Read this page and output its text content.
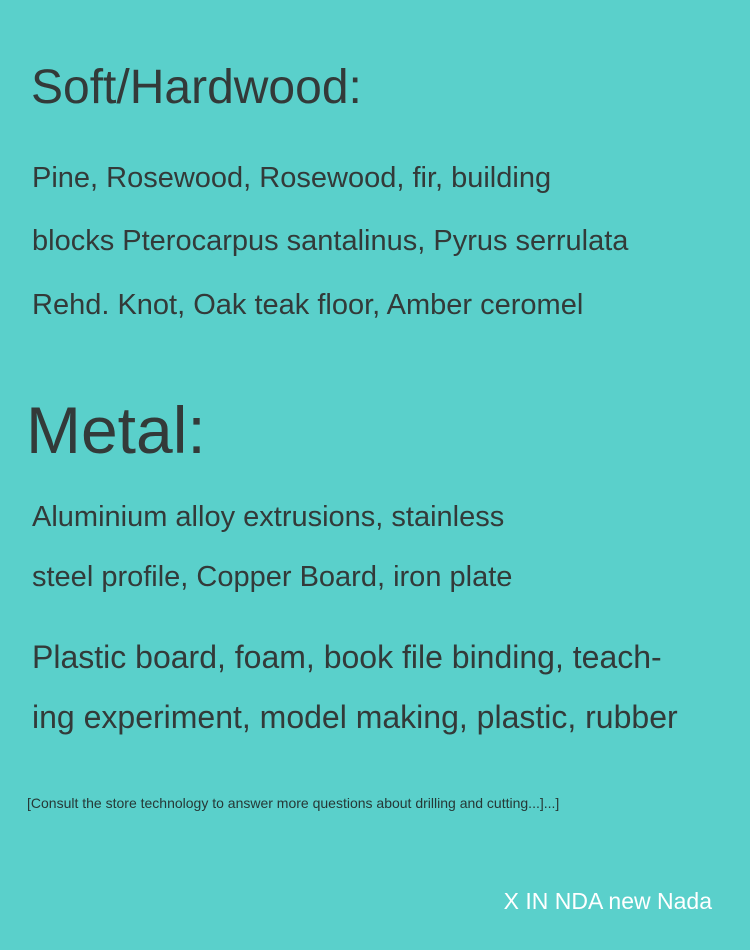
Soft/Hardwood:
Pine, Rosewood, Rosewood, fir, building
blocks Pterocarpus santalinus, Pyrus serrulata
Rehd. Knot, Oak teak floor, Amber ceromel
Metal:
Aluminium alloy extrusions, stainless
steel profile, Copper Board, iron plate
Plastic board, foam, book file binding, teach-
ing experiment, model making, plastic, rubber
[Consult the store technology to answer more questions about drilling and cutting...]...]
X IN NDA new Nada
